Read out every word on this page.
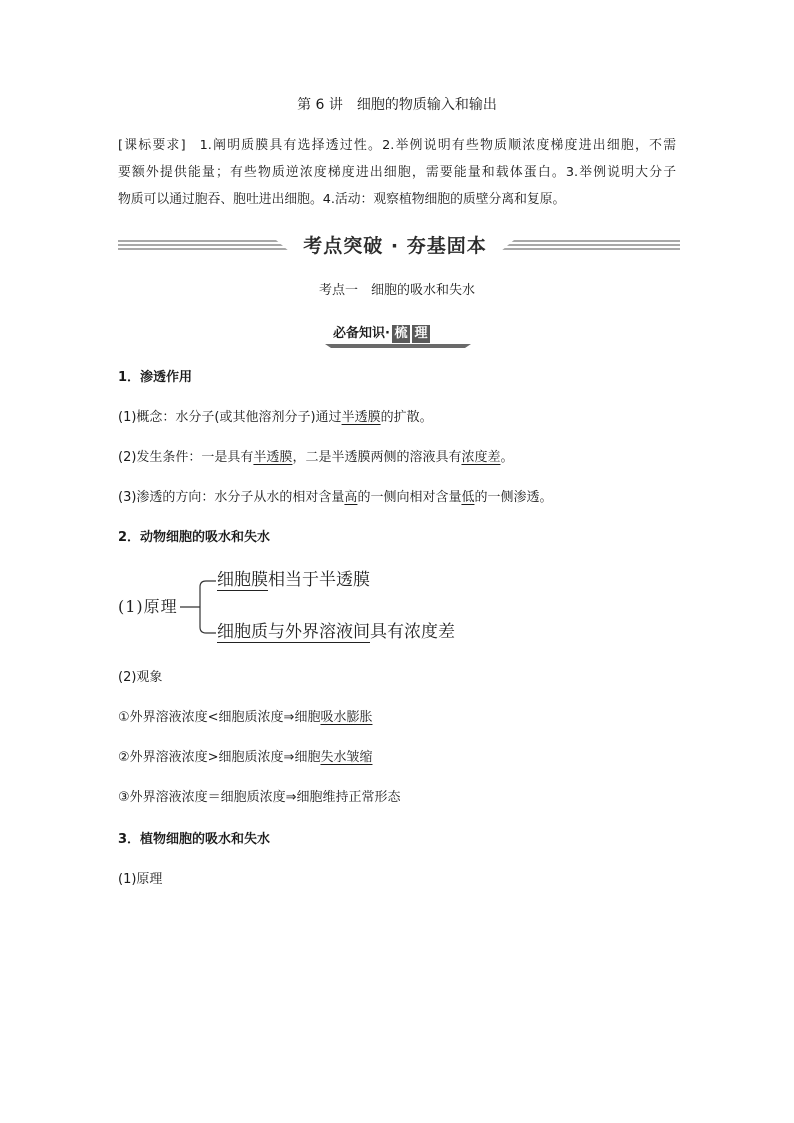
第 6 讲　细胞的物质输入和输出
[课标要求] 1.阐明质膜具有选择透过性。2.举例说明有些物质顺浓度梯度进出细胞，不需
要额外提供能量；有些物质逆浓度梯度进出细胞，需要能量和载体蛋白。3.举例说明大分子
物质可以通过胞吞、胞吐进出细胞。4.活动：观察植物细胞的质壁分离和复原。
考点突破 · 夯基固本
考点一　细胞的吸水和失水
必备知识· 梳 理
1．渗透作用
(1)概念：水分子(或其他溶剂分子)通过半透膜的扩散。
(2)发生条件：一是具有半透膜，二是半透膜两侧的溶液具有浓度差。
(3)渗透的方向：水分子从水的相对含量高的一侧向相对含量低的一侧渗透。
2．动物细胞的吸水和失水
(1)原理
细胞膜相当于半透膜
细胞质与外界溶液间具有浓度差
(2)观象
①外界溶液浓度<细胞质浓度⇒细胞吸水膨胀
②外界溶液浓度>细胞质浓度⇒细胞失水皱缩
③外界溶液浓度＝细胞质浓度⇒细胞维持正常形态
3．植物细胞的吸水和失水
(1)原理
